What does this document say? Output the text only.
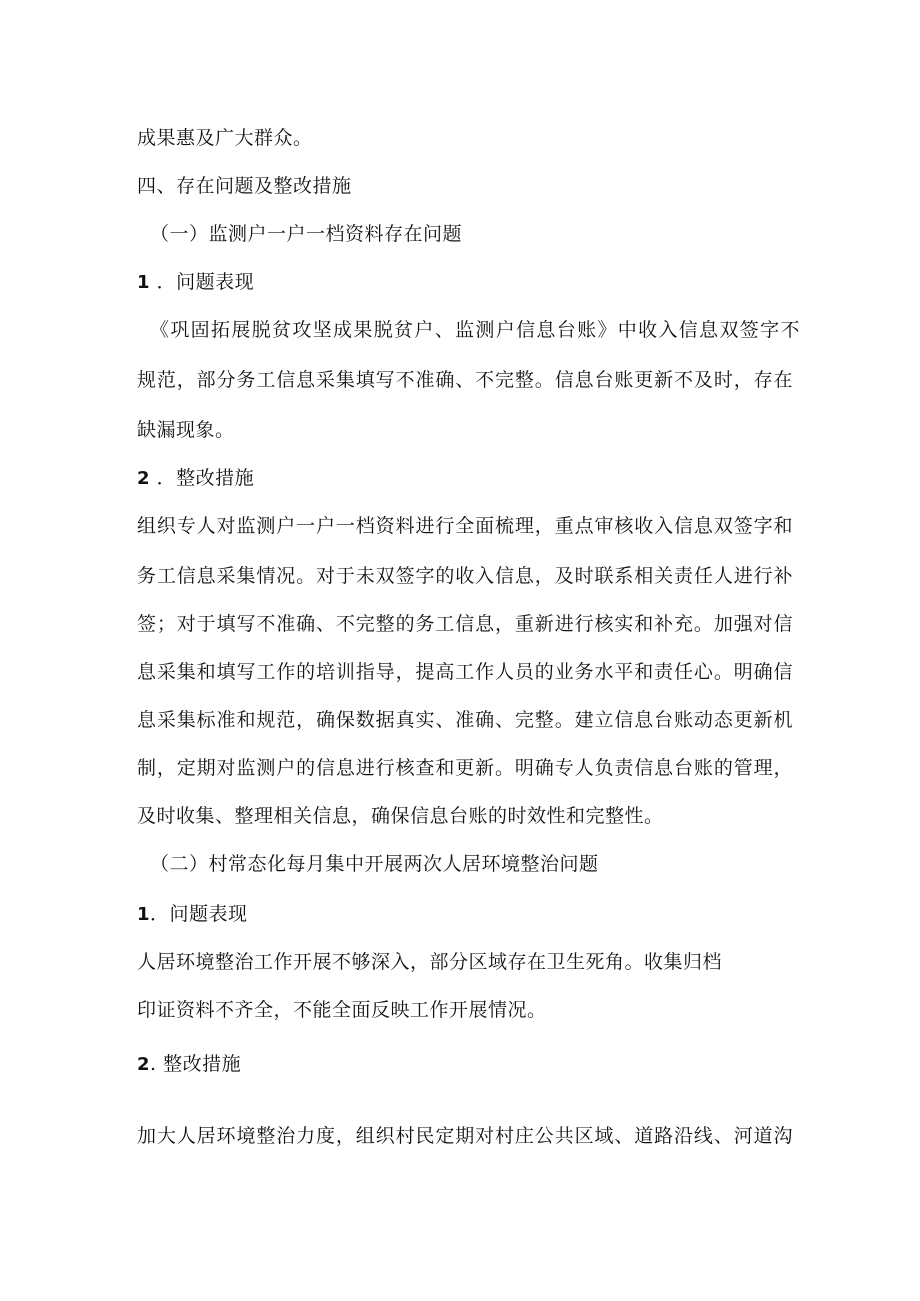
成果惠及广大群众。
四、存在问题及整改措施
（一）监测户一户一档资料存在问题
1 ．问题表现
《巩固拓展脱贫攻坚成果脱贫户、监测户信息台账》中收入信息双签字不
规范，部分务工信息采集填写不准确、不完整。信息台账更新不及时，存在
缺漏现象。
2 ．整改措施
组织专人对监测户一户一档资料进行全面梳理，重点审核收入信息双签字和
务工信息采集情况。对于未双签字的收入信息，及时联系相关责任人进行补
签；对于填写不准确、不完整的务工信息，重新进行核实和补充。加强对信
息采集和填写工作的培训指导，提高工作人员的业务水平和责任心。明确信
息采集标准和规范，确保数据真实、准确、完整。建立信息台账动态更新机
制，定期对监测户的信息进行核查和更新。明确专人负责信息台账的管理，
及时收集、整理相关信息，确保信息台账的时效性和完整性。
（二）村常态化每月集中开展两次人居环境整治问题
1．问题表现
人居环境整治工作开展不够深入，部分区域存在卫生死角。收集归档
印证资料不齐全，不能全面反映工作开展情况。
2. 整改措施
加大人居环境整治力度，组织村民定期对村庄公共区域、道路沿线、河道沟
